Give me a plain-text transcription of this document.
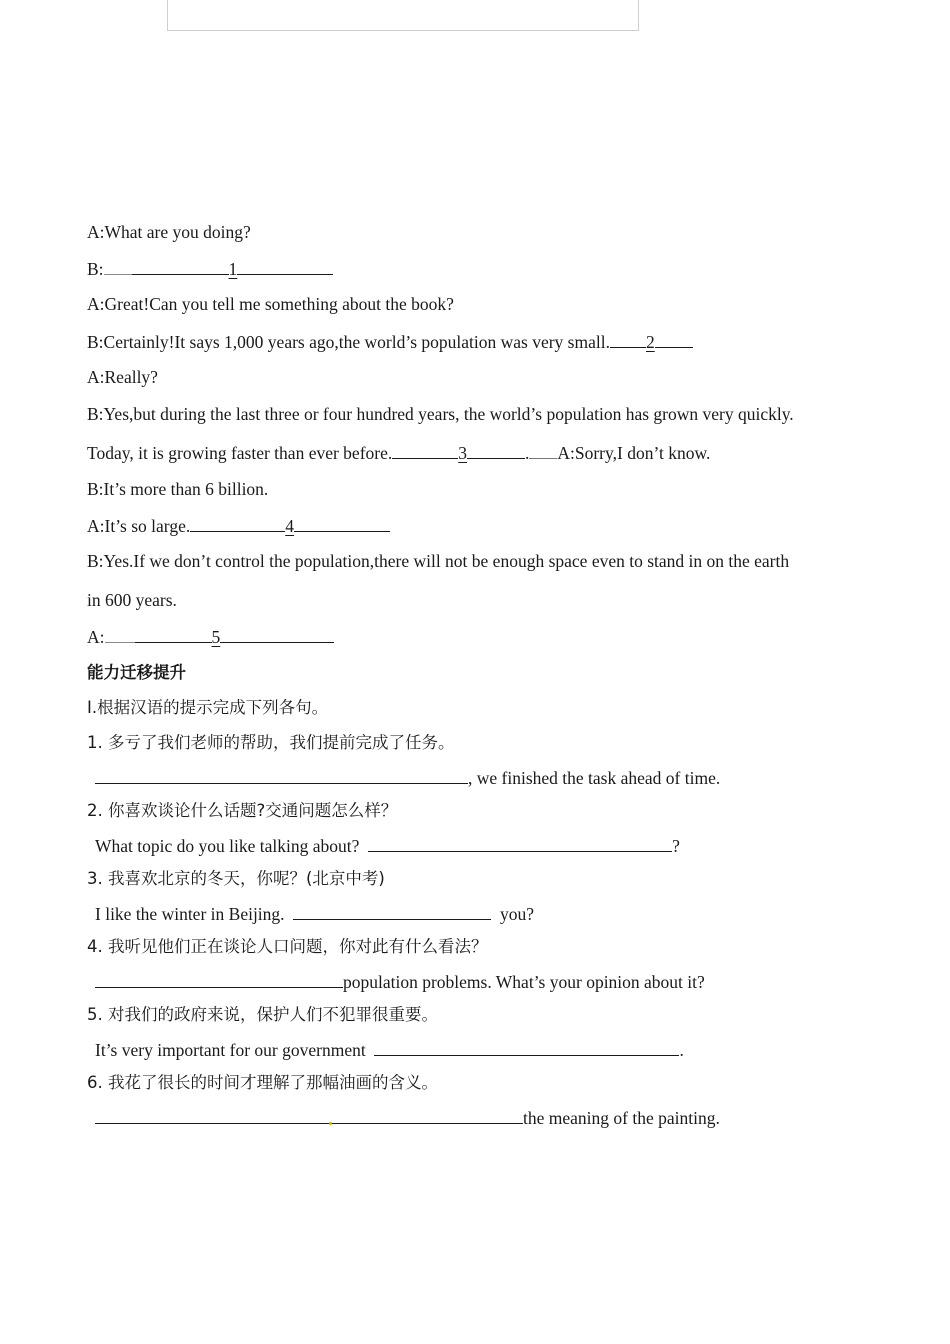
A:What are you doing?
B:	1
A:Great!Can you tell me something about the book?
B:Certainly!It says 1,000 years ago,the world’s population was very small. 2
A:Really?
B:Yes,but during the last three or four hundred years, the world’s population has grown very quickly.
Today, it is growing faster than ever before.	3	. A:Sorry,I don’t know.
B:It’s more than 6 billion.
A:It’s so large.	4
B:Yes.If we don’t control the population,there will not be enough space even to stand in on the earth
in 600 years.
A:	5
能力迁移提升
I.根据汉语的提示完成下列各句。
1. 多亏了我们老师的帮助，我们提前完成了任务。
, we finished the task ahead of time.
2. 你喜欢谈论什么话题?交通问题怎么样？
What topic do you like talking about?	?
3. 我喜欢北京的冬天，你呢？(北京中考)
I like the winter in Beijing.	you?
4. 我听见他们正在谈论人口问题，你对此有什么看法？
population problems. What’s your opinion about it?
5. 对我们的政府来说，保护人们不犯罪很重要。
It’s very important for our government	.
6. 我花了很长的时间才理解了那幅油画的含义。
the meaning of the painting.
